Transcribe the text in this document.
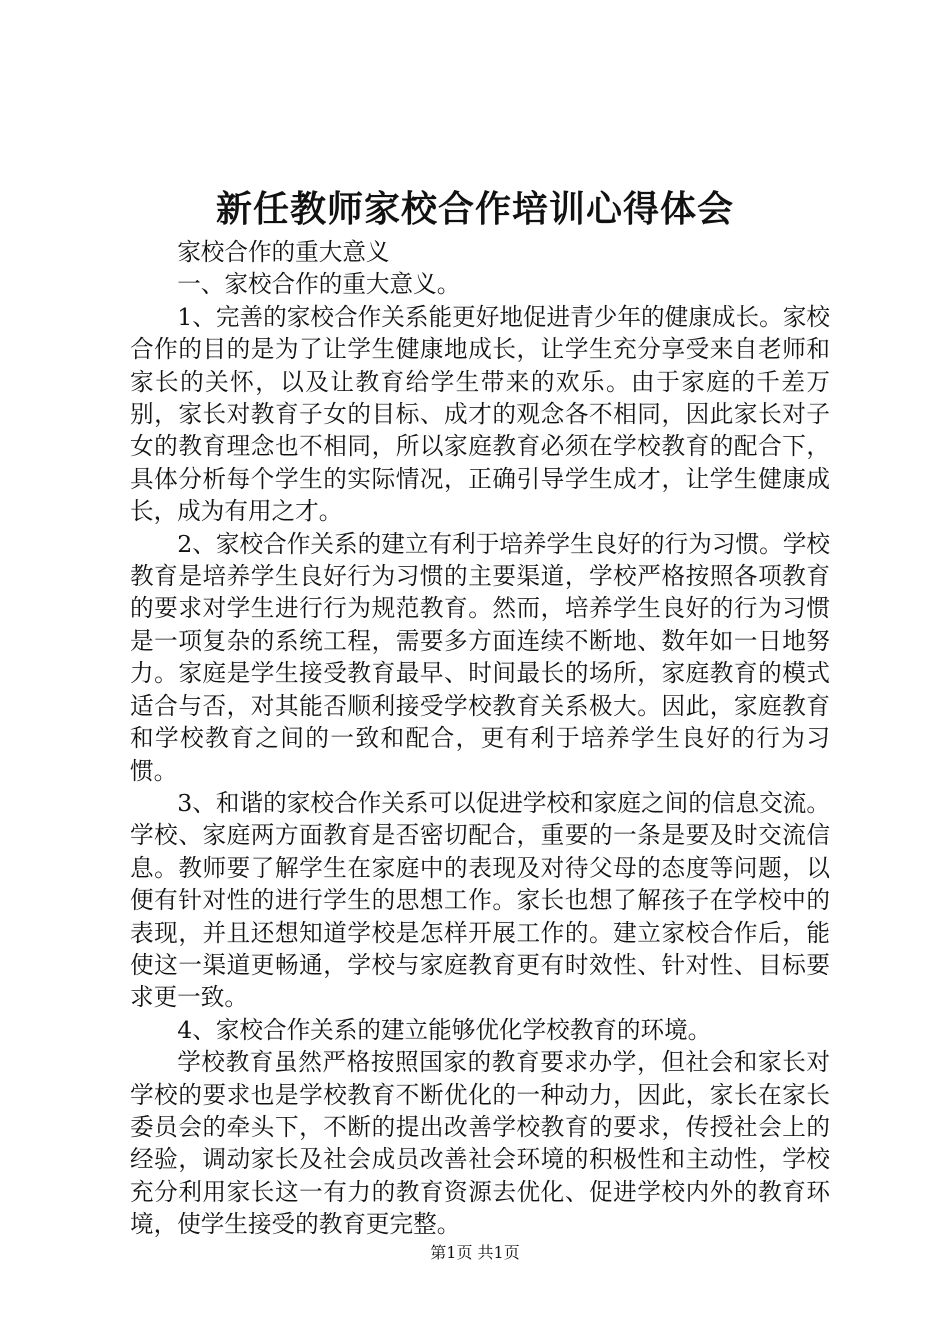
新任教师家校合作培训心得体会

家校合作的重大意义

一、家校合作的重大意义。

1、完善的家校合作关系能更好地促进青少年的健康成长。家校合作的目的是为了让学生健康地成长，让学生充分享受来自老师和家长的关怀，以及让教育给学生带来的欢乐。由于家庭的千差万别，家长对教育子女的目标、成才的观念各不相同，因此家长对子女的教育理念也不相同，所以家庭教育必须在学校教育的配合下，具体分析每个学生的实际情况，正确引导学生成才，让学生健康成长，成为有用之才。

2、家校合作关系的建立有利于培养学生良好的行为习惯。学校教育是培养学生良好行为习惯的主要渠道，学校严格按照各项教育的要求对学生进行行为规范教育。然而，培养学生良好的行为习惯是一项复杂的系统工程，需要多方面连续不断地、数年如一日地努力。家庭是学生接受教育最早、时间最长的场所，家庭教育的模式适合与否，对其能否顺利接受学校教育关系极大。因此，家庭教育和学校教育之间的一致和配合，更有利于培养学生良好的行为习惯。

3、和谐的家校合作关系可以促进学校和家庭之间的信息交流。学校、家庭两方面教育是否密切配合，重要的一条是要及时交流信息。教师要了解学生在家庭中的表现及对待父母的态度等问题，以便有针对性的进行学生的思想工作。家长也想了解孩子在学校中的表现，并且还想知道学校是怎样开展工作的。建立家校合作后，能使这一渠道更畅通，学校与家庭教育更有时效性、针对性、目标要求更一致。

4、家校合作关系的建立能够优化学校教育的环境。

学校教育虽然严格按照国家的教育要求办学，但社会和家长对学校的要求也是学校教育不断优化的一种动力，因此，家长在家长委员会的牵头下，不断的提出改善学校教育的要求，传授社会上的经验，调动家长及社会成员改善社会环境的积极性和主动性，学校充分利用家长这一有力的教育资源去优化、促进学校内外的教育环境，使学生接受的教育更完整。

第1页 共1页
